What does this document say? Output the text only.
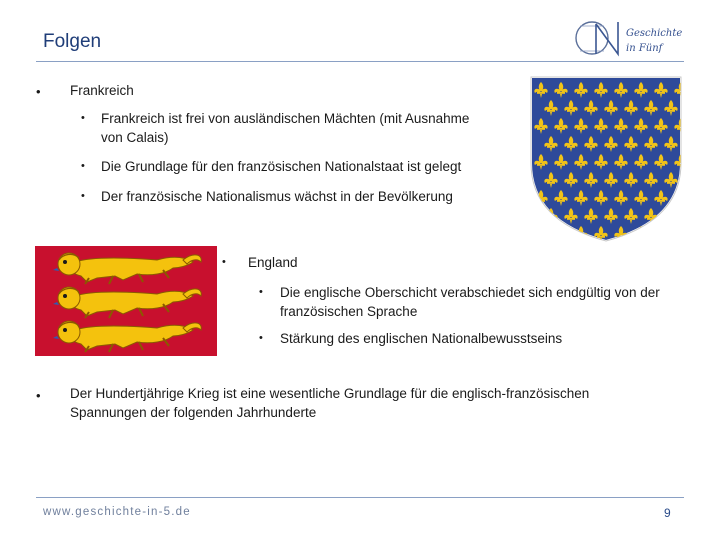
Folgen	Geschichte
in Fünf
• Frankreich
• Frankreich ist frei von ausländischen Mächten (mit Ausnahme
von Calais)
• Die Grundlage für den französischen Nationalstaat ist gelegt
• Der französische Nationalismus wächst in der Bevölkerung
• England
• Die englische Oberschicht verabschiedet sich endgültig von der
französischen Sprache
• Stärkung des englischen Nationalbewusstseins
• Der Hundertjährige Krieg ist eine wesentliche Grundlage für die englisch-französischen
Spannungen der folgenden Jahrhunderte
www.geschichte-in-5.de	9
